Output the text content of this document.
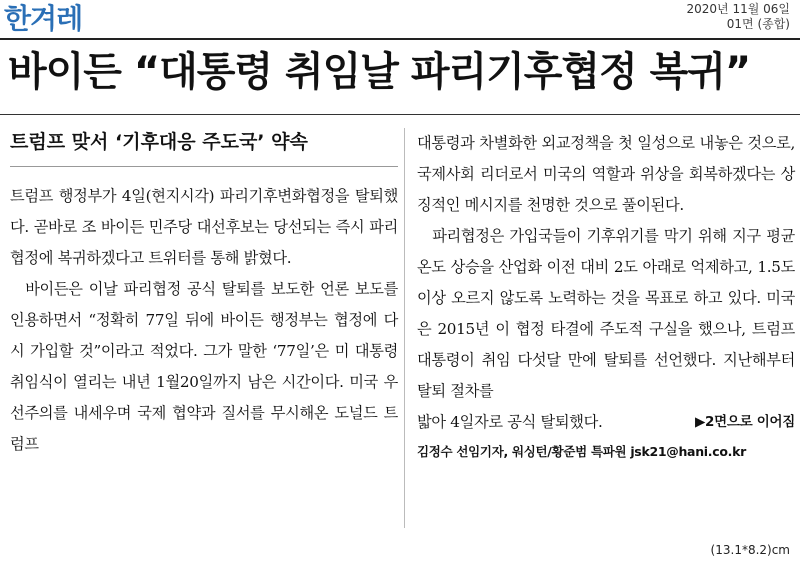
한겨레	2020년 11월 06일
01면 (종합)
바이든 “대통령 취임날 파리기후협정 복귀”
트럼프 맞서 ‘기후대응 주도국’ 약속

트럼프 행정부가 4일(현지시각) 파리기후변화협정을 탈퇴했다. 곧바로 조 바이든 민주당 대선후보는 당선되는 즉시 파리협정에 복귀하겠다고 트위터를 통해 밝혔다.

바이든은 이날 파리협정 공식 탈퇴를 보도한 언론 보도를 인용하면서 “정확히 77일 뒤에 바이든 행정부는 협정에 다시 가입할 것”이라고 적었다. 그가 말한 ‘77일’은 미 대통령 취임식이 열리는 내년 1월20일까지 남은 시간이다. 미국 우선주의를 내세우며 국제 협약과 질서를 무시해온 도널드 트럼프

대통령과 차별화한 외교정책을 첫 일성으로 내놓은 것으로, 국제사회 리더로서 미국의 역할과 위상을 회복하겠다는 상징적인 메시지를 천명한 것으로 풀이된다.

파리협정은 가입국들이 기후위기를 막기 위해 지구 평균온도 상승을 산업화 이전 대비 2도 아래로 억제하고, 1.5도 이상 오르지 않도록 노력하는 것을 목표로 하고 있다. 미국은 2015년 이 협정 타결에 주도적 구실을 했으나, 트럼프 대통령이 취임 다섯달 만에 탈퇴를 선언했다. 지난해부터 탈퇴 절차를

밟아 4일자로 공식 탈퇴했다.	▶2면으로 이어짐
김정수 선임기자, 워싱턴/황준범 특파원 jsk21@hani.co.kr
(13.1*8.2)cm
